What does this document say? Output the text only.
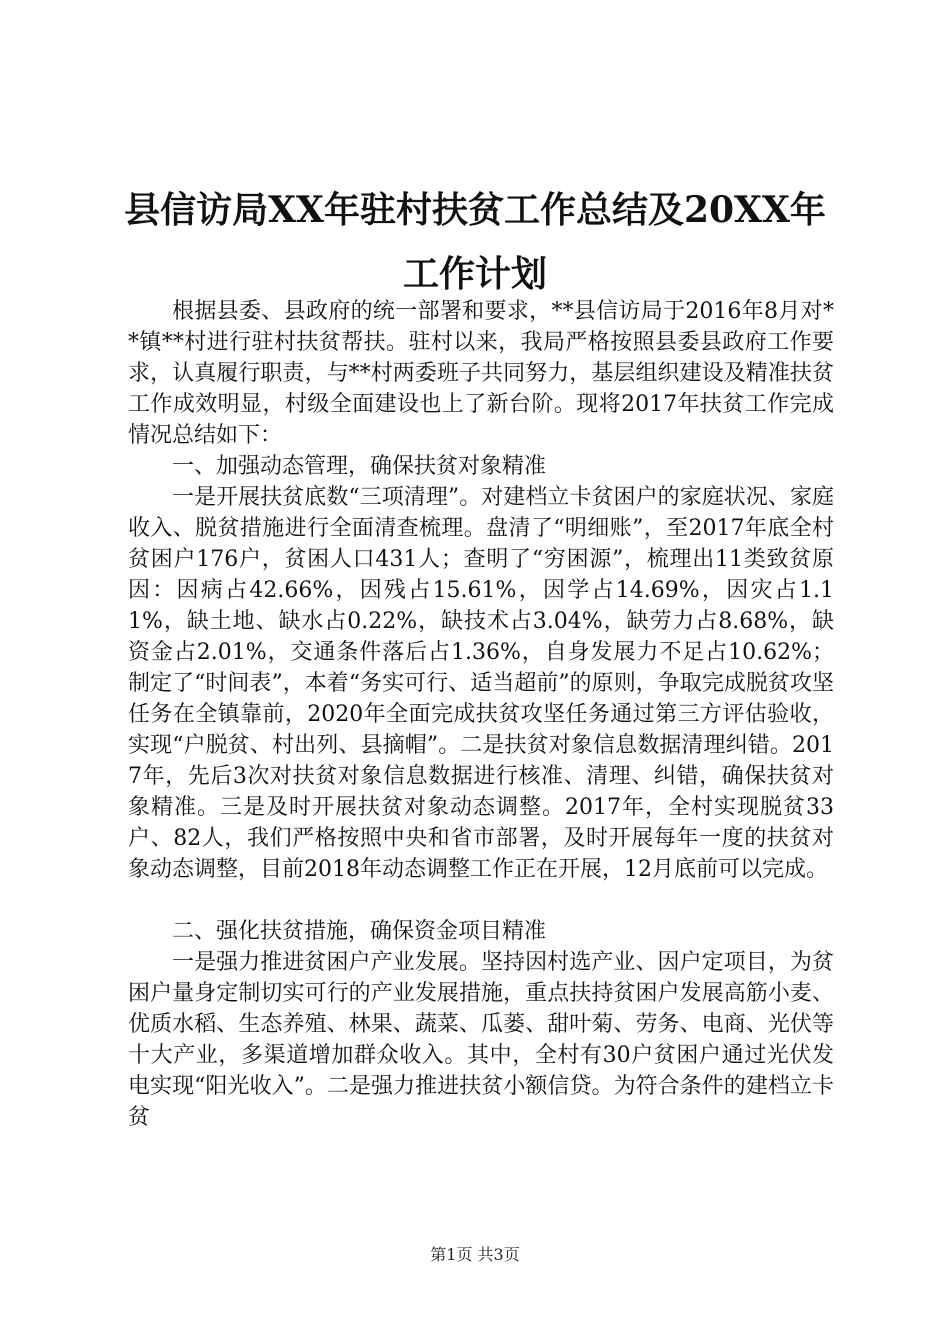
县信访局XX年驻村扶贫工作总结及20XX年工作计划

根据县委、县政府的统一部署和要求，**县信访局于2016年8月对**镇**村进行驻村扶贫帮扶。驻村以来，我局严格按照县委县政府工作要求，认真履行职责，与**村两委班子共同努力，基层组织建设及精准扶贫工作成效明显，村级全面建设也上了新台阶。现将2017年扶贫工作完成情况总结如下：

一、加强动态管理，确保扶贫对象精准

一是开展扶贫底数“三项清理”。对建档立卡贫困户的家庭状况、家庭收入、脱贫措施进行全面清查梳理。盘清了“明细账”，至2017年底全村贫困户176户，贫困人口431人；查明了“穷困源”，梳理出11类致贫原因：因病占42.66%，因残占15.61%，因学占14.69%，因灾占1.11%，缺土地、缺水占0.22%，缺技术占3.04%，缺劳力占8.68%，缺资金占2.01%，交通条件落后占1.36%，自身发展力不足占10.62%；制定了“时间表”，本着“务实可行、适当超前”的原则，争取完成脱贫攻坚任务在全镇靠前，2020年全面完成扶贫攻坚任务通过第三方评估验收，实现“户脱贫、村出列、县摘帽”。二是扶贫对象信息数据清理纠错。2017年，先后3次对扶贫对象信息数据进行核准、清理、纠错，确保扶贫对象精准。三是及时开展扶贫对象动态调整。2017年，全村实现脱贫33户、82人，我们严格按照中央和省市部署，及时开展每年一度的扶贫对象动态调整，目前2018年动态调整工作正在开展，12月底前可以完成。

二、强化扶贫措施，确保资金项目精准

一是强力推进贫困户产业发展。坚持因村选产业、因户定项目，为贫困户量身定制切实可行的产业发展措施，重点扶持贫困户发展高筋小麦、优质水稻、生态养殖、林果、蔬菜、瓜蒌、甜叶菊、劳务、电商、光伏等十大产业，多渠道增加群众收入。其中，全村有30户贫困户通过光伏发电实现“阳光收入”。二是强力推进扶贫小额信贷。为符合条件的建档立卡贫

第1页 共3页
